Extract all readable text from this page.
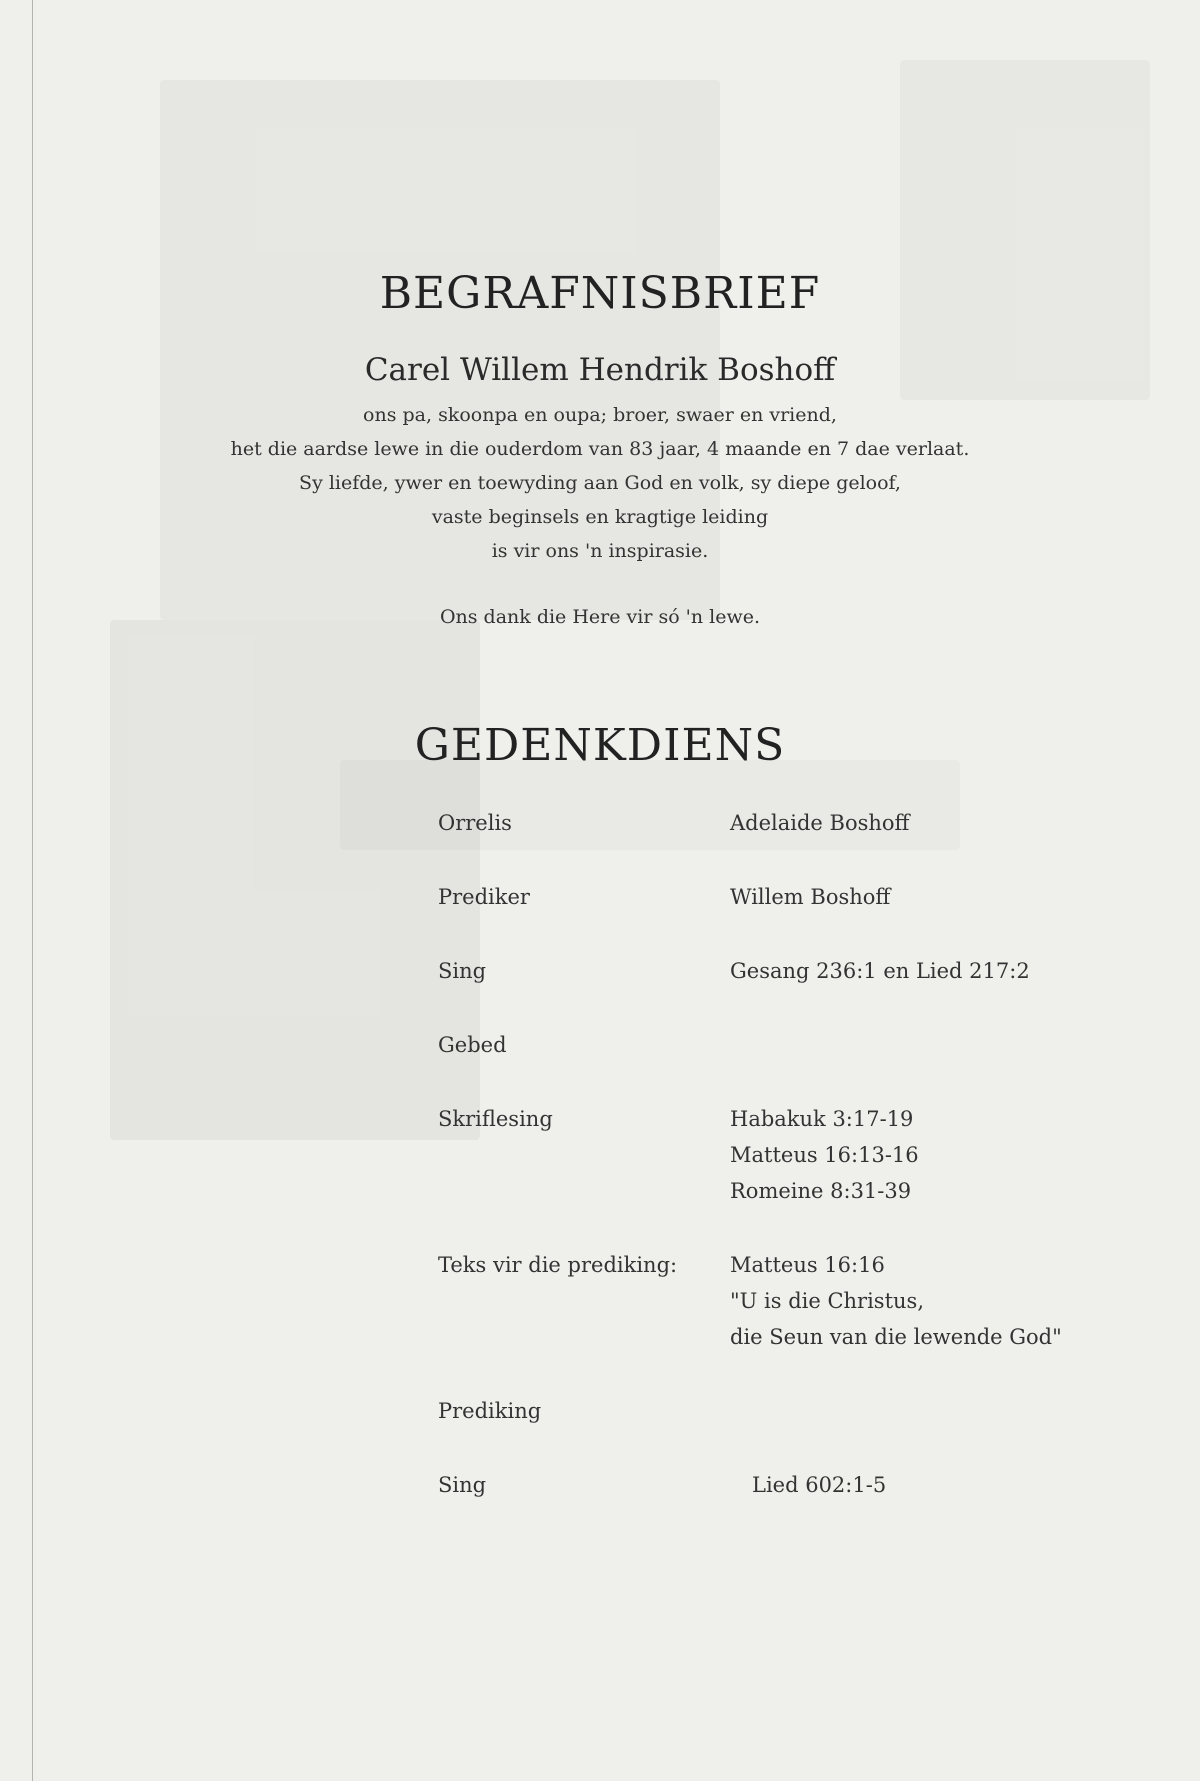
BEGRAFNISBRIEF
Carel Willem Hendrik Boshoff
ons pa, skoonpa en oupa; broer, swaer en vriend,
het die aardse lewe in die ouderdom van 83 jaar, 4 maande en 7 dae verlaat.
Sy liefde, ywer en toewyding aan God en volk, sy diepe geloof,
vaste beginsels en kragtige leiding
is vir ons 'n inspirasie.
Ons dank die Here vir só 'n lewe.
GEDENKDIENS
Orrelis	Adelaide Boshoff
Prediker	Willem Boshoff
Sing	Gesang 236:1 en Lied 217:2
Gebed
Skriflesing	Habakuk 3:17-19
Matteus 16:13-16
Romeine 8:31-39
Teks vir die prediking:	Matteus 16:16
"U is die Christus,
die Seun van die lewende God"
Prediking
Sing	Lied 602:1-5
